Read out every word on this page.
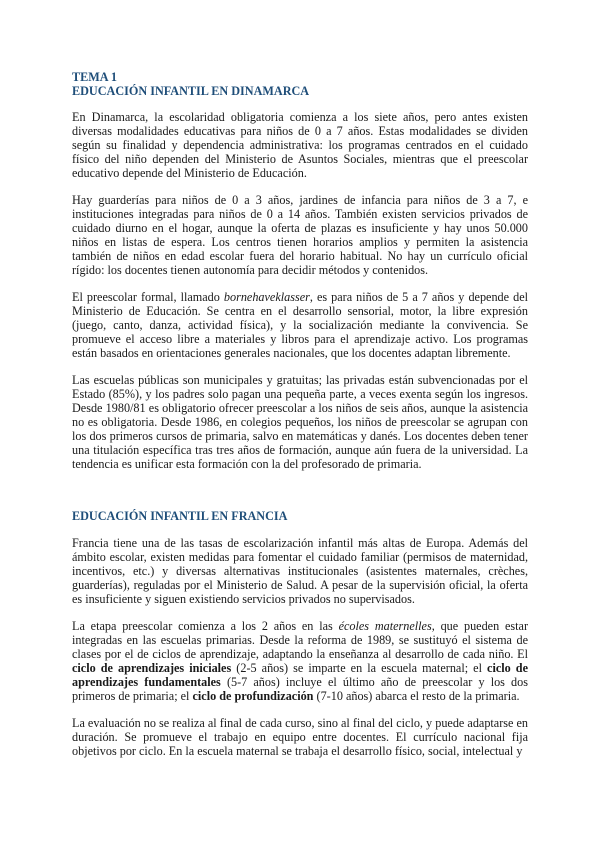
TEMA 1
EDUCACIÓN INFANTIL EN DINAMARCA

En Dinamarca, la escolaridad obligatoria comienza a los siete años, pero antes existen diversas modalidades educativas para niños de 0 a 7 años. Estas modalidades se dividen según su finalidad y dependencia administrativa: los programas centrados en el cuidado físico del niño dependen del Ministerio de Asuntos Sociales, mientras que el preescolar educativo depende del Ministerio de Educación.

Hay guarderías para niños de 0 a 3 años, jardines de infancia para niños de 3 a 7, e instituciones integradas para niños de 0 a 14 años. También existen servicios privados de cuidado diurno en el hogar, aunque la oferta de plazas es insuficiente y hay unos 50.000 niños en listas de espera. Los centros tienen horarios amplios y permiten la asistencia también de niños en edad escolar fuera del horario habitual. No hay un currículo oficial rígido: los docentes tienen autonomía para decidir métodos y contenidos.

El preescolar formal, llamado bornehaveklasser, es para niños de 5 a 7 años y depende del Ministerio de Educación. Se centra en el desarrollo sensorial, motor, la libre expresión (juego, canto, danza, actividad física), y la socialización mediante la convivencia. Se promueve el acceso libre a materiales y libros para el aprendizaje activo. Los programas están basados en orientaciones generales nacionales, que los docentes adaptan libremente.

Las escuelas públicas son municipales y gratuitas; las privadas están subvencionadas por el Estado (85%), y los padres solo pagan una pequeña parte, a veces exenta según los ingresos. Desde 1980/81 es obligatorio ofrecer preescolar a los niños de seis años, aunque la asistencia no es obligatoria. Desde 1986, en colegios pequeños, los niños de preescolar se agrupan con los dos primeros cursos de primaria, salvo en matemáticas y danés. Los docentes deben tener una titulación específica tras tres años de formación, aunque aún fuera de la universidad. La tendencia es unificar esta formación con la del profesorado de primaria.

EDUCACIÓN INFANTIL EN FRANCIA

Francia tiene una de las tasas de escolarización infantil más altas de Europa. Además del ámbito escolar, existen medidas para fomentar el cuidado familiar (permisos de maternidad, incentivos, etc.) y diversas alternativas institucionales (asistentes maternales, crèches, guarderías), reguladas por el Ministerio de Salud. A pesar de la supervisión oficial, la oferta es insuficiente y siguen existiendo servicios privados no supervisados.

La etapa preescolar comienza a los 2 años en las écoles maternelles, que pueden estar integradas en las escuelas primarias. Desde la reforma de 1989, se sustituyó el sistema de clases por el de ciclos de aprendizaje, adaptando la enseñanza al desarrollo de cada niño. El ciclo de aprendizajes iniciales (2-5 años) se imparte en la escuela maternal; el ciclo de aprendizajes fundamentales (5-7 años) incluye el último año de preescolar y los dos primeros de primaria; el ciclo de profundización (7-10 años) abarca el resto de la primaria.

La evaluación no se realiza al final de cada curso, sino al final del ciclo, y puede adaptarse en duración. Se promueve el trabajo en equipo entre docentes. El currículo nacional fija objetivos por ciclo. En la escuela maternal se trabaja el desarrollo físico, social, intelectual y
